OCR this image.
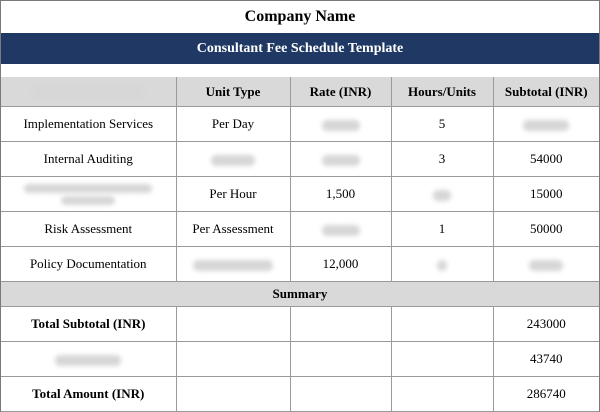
Company Name
Consultant Fee Schedule Template
	Unit Type	Rate (INR)	Hours/Units	Subtotal (INR)
Implementation Services	Per Day		5	
Internal Auditing			3	54000

	Per Hour	1,500		15000
Risk Assessment	Per Assessment		1	50000
Policy Documentation		12,000		
Summary				
Total Subtotal (INR)				243000
				43740
Total Amount (INR)				286740
